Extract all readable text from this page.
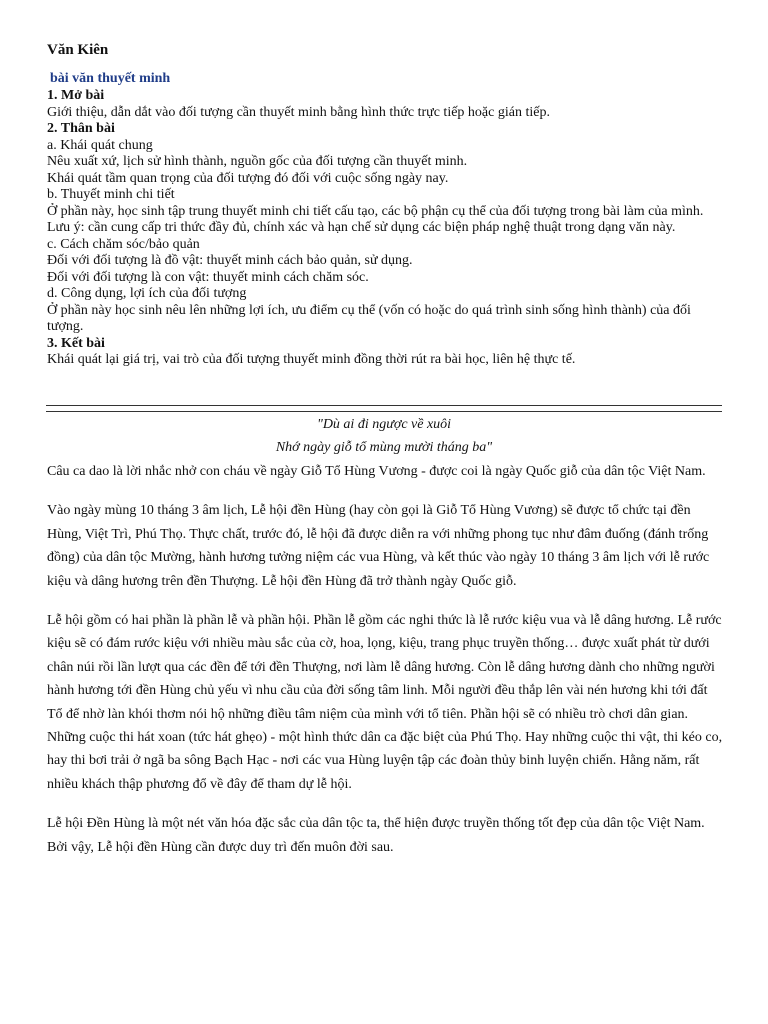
Văn Kiên

bài văn thuyết minh

1. Mở bài

Giới thiệu, dẫn dắt vào đối tượng cần thuyết minh bằng hình thức trực tiếp hoặc gián tiếp.

2. Thân bài

a. Khái quát chung

Nêu xuất xứ, lịch sử hình thành, nguồn gốc của đối tượng cần thuyết minh.

Khái quát tầm quan trọng của đối tượng đó đối với cuộc sống ngày nay.

b. Thuyết minh chi tiết

Ở phần này, học sinh tập trung thuyết minh chi tiết cấu tạo, các bộ phận cụ thể của đối tượng trong bài làm của mình.

Lưu ý: cần cung cấp tri thức đầy đủ, chính xác và hạn chế sử dụng các biện pháp nghệ thuật trong dạng văn này.

c. Cách chăm sóc/bảo quản

Đối với đối tượng là đồ vật: thuyết minh cách bảo quản, sử dụng.

Đối với đối tượng là con vật: thuyết minh cách chăm sóc.

d. Công dụng, lợi ích của đối tượng

Ở phần này học sinh nêu lên những lợi ích, ưu điểm cụ thể (vốn có hoặc do quá trình sinh sống hình thành) của đối tượng.

3. Kết bài

Khái quát lại giá trị, vai trò của đối tượng thuyết minh đồng thời rút ra bài học, liên hệ thực tế.

"Dù ai đi ngược về xuôi

Nhớ ngày giỗ tổ mùng mười tháng ba"

Câu ca dao là lời nhắc nhở con cháu về ngày Giỗ Tổ Hùng Vương - được coi là ngày Quốc giỗ của dân tộc Việt Nam.

Vào ngày mùng 10 tháng 3 âm lịch, Lễ hội đền Hùng (hay còn gọi là Giỗ Tổ Hùng Vương) sẽ được tổ chức tại đền Hùng, Việt Trì, Phú Thọ. Thực chất, trước đó, lễ hội đã được diễn ra với những phong tục như đâm đuống (đánh trống đồng) của dân tộc Mường, hành hương tưởng niệm các vua Hùng, và kết thúc vào ngày 10 tháng 3 âm lịch với lễ rước kiệu và dâng hương trên đền Thượng. Lễ hội đền Hùng đã trở thành ngày Quốc giỗ.

Lễ hội gồm có hai phần là phần lễ và phần hội. Phần lễ gồm các nghi thức là lễ rước kiệu vua và lễ dâng hương. Lễ rước kiệu sẽ có đám rước kiệu với nhiều màu sắc của cờ, hoa, lọng, kiệu, trang phục truyền thống… được xuất phát từ dưới chân núi rồi lần lượt qua các đền để tới đền Thượng, nơi làm lễ dâng hương. Còn lễ dâng hương dành cho những người hành hương tới đền Hùng chủ yếu vì nhu cầu của đời sống tâm linh. Mỗi người đều thắp lên vài nén hương khi tới đất Tổ để nhờ làn khói thơm nói hộ những điều tâm niệm của mình với tổ tiên. Phần hội sẽ có nhiều trò chơi dân gian. Những cuộc thi hát xoan (tức hát ghẹo) - một hình thức dân ca đặc biệt của Phú Thọ. Hay những cuộc thi vật, thi kéo co, hay thi bơi trải ở ngã ba sông Bạch Hạc - nơi các vua Hùng luyện tập các đoàn thủy binh luyện chiến. Hằng năm, rất nhiều khách thập phương đổ về đây để tham dự lễ hội.

Lễ hội Đền Hùng là một nét văn hóa đặc sắc của dân tộc ta, thể hiện được truyền thống tốt đẹp của dân tộc Việt Nam. Bởi vậy, Lễ hội đền Hùng cần được duy trì đến muôn đời sau.
